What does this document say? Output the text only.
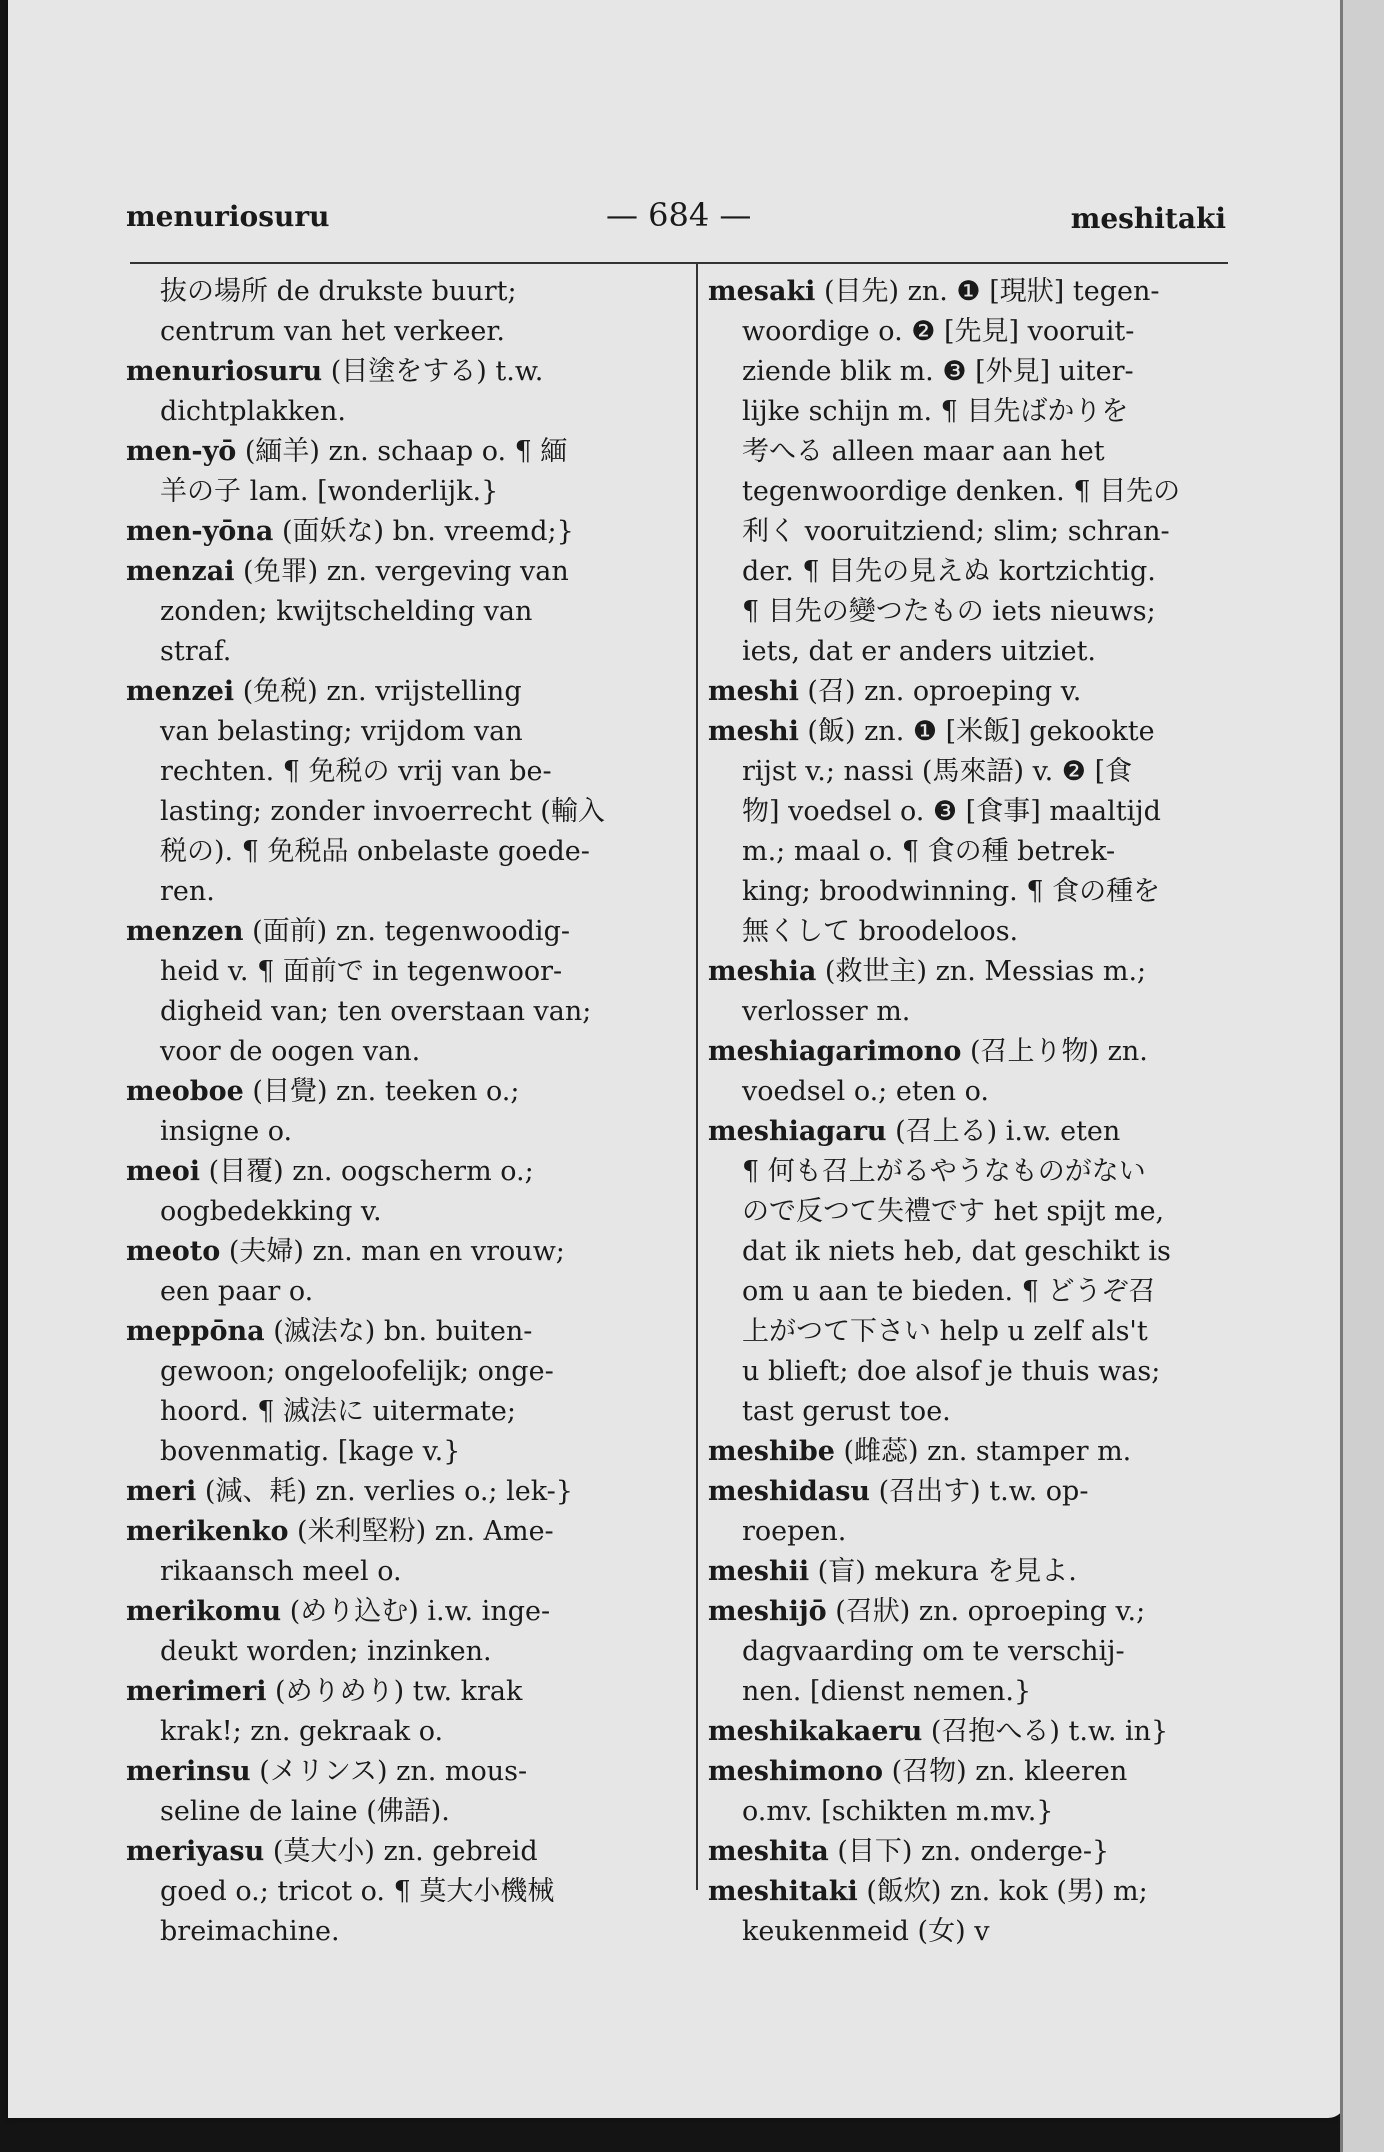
menuriosuru	— 684 —	meshitaki
抜の場所 de drukste buurt;
centrum van het verkeer.
menuriosuru (目塗をする) t.w.
dichtplakken.
men-yō (緬羊) zn. schaap o. ¶ 緬
羊の子 lam. [wonderlijk.}
men-yōna (面妖な) bn. vreemd;}
menzai (免罪) zn. vergeving van
zonden; kwijtschelding van
straf.
menzei (免税) zn. vrijstelling
van belasting; vrijdom van
rechten. ¶ 免税の vrij van be-
lasting; zonder invoerrecht (輸入
税の). ¶ 免税品 onbelaste goede-
ren.
menzen (面前) zn. tegenwoodig-
heid v. ¶ 面前で in tegenwoor-
digheid van; ten overstaan van;
voor de oogen van.
meoboe (目覺) zn. teeken o.;
insigne o.
meoi (目覆) zn. oogscherm o.;
oogbedekking v.
meoto (夫婦) zn. man en vrouw;
een paar o.
meppōna (滅法な) bn. buiten-
gewoon; ongeloofelijk; onge-
hoord. ¶ 滅法に uitermate;
bovenmatig. [kage v.}
meri (減、耗) zn. verlies o.; lek-}
merikenko (米利堅粉) zn. Ame-
rikaansch meel o.
merikomu (めり込む) i.w. inge-
deukt worden; inzinken.
merimeri (めりめり) tw. krak
krak!; zn. gekraak o.
merinsu (メリンス) zn. mous-
seline de laine (佛語).
meriyasu (莫大小) zn. gebreid
goed o.; tricot o. ¶ 莫大小機械
breimachine.
mesaki (目先) zn. ❶ [現狀] tegen-
woordige o. ❷ [先見] vooruit-
ziende blik m. ❸ [外見] uiter-
lijke schijn m. ¶ 目先ばかりを
考へる alleen maar aan het
tegenwoordige denken. ¶ 目先の
利く vooruitziend; slim; schran-
der. ¶ 目先の見えぬ kortzichtig.
¶ 目先の變つたもの iets nieuws;
iets, dat er anders uitziet.
meshi (召) zn. oproeping v.
meshi (飯) zn. ❶ [米飯] gekookte
rijst v.; nassi (馬來語) v. ❷ [食
物] voedsel o. ❸ [食事] maaltijd
m.; maal o. ¶ 食の種 betrek-
king; broodwinning. ¶ 食の種を
無くして broodeloos.
meshia (救世主) zn. Messias m.;
verlosser m.
meshiagarimono (召上り物) zn.
voedsel o.; eten o.
meshiagaru (召上る) i.w. eten
¶ 何も召上がるやうなものがない
ので反つて失禮です het spijt me,
dat ik niets heb, dat geschikt is
om u aan te bieden. ¶ どうぞ召
上がつて下さい help u zelf als't
u blieft; doe alsof je thuis was;
tast gerust toe.
meshibe (雌蕊) zn. stamper m.
meshidasu (召出す) t.w. op-
roepen.
meshii (盲) mekura を見よ.
meshijō (召狀) zn. oproeping v.;
dagvaarding om te verschij-
nen. [dienst nemen.}
meshikakaeru (召抱へる) t.w. in}
meshimono (召物) zn. kleeren
o.mv. [schikten m.mv.}
meshita (目下) zn. onderge-}
meshitaki (飯炊) zn. kok (男) m;
keukenmeid (女) v
